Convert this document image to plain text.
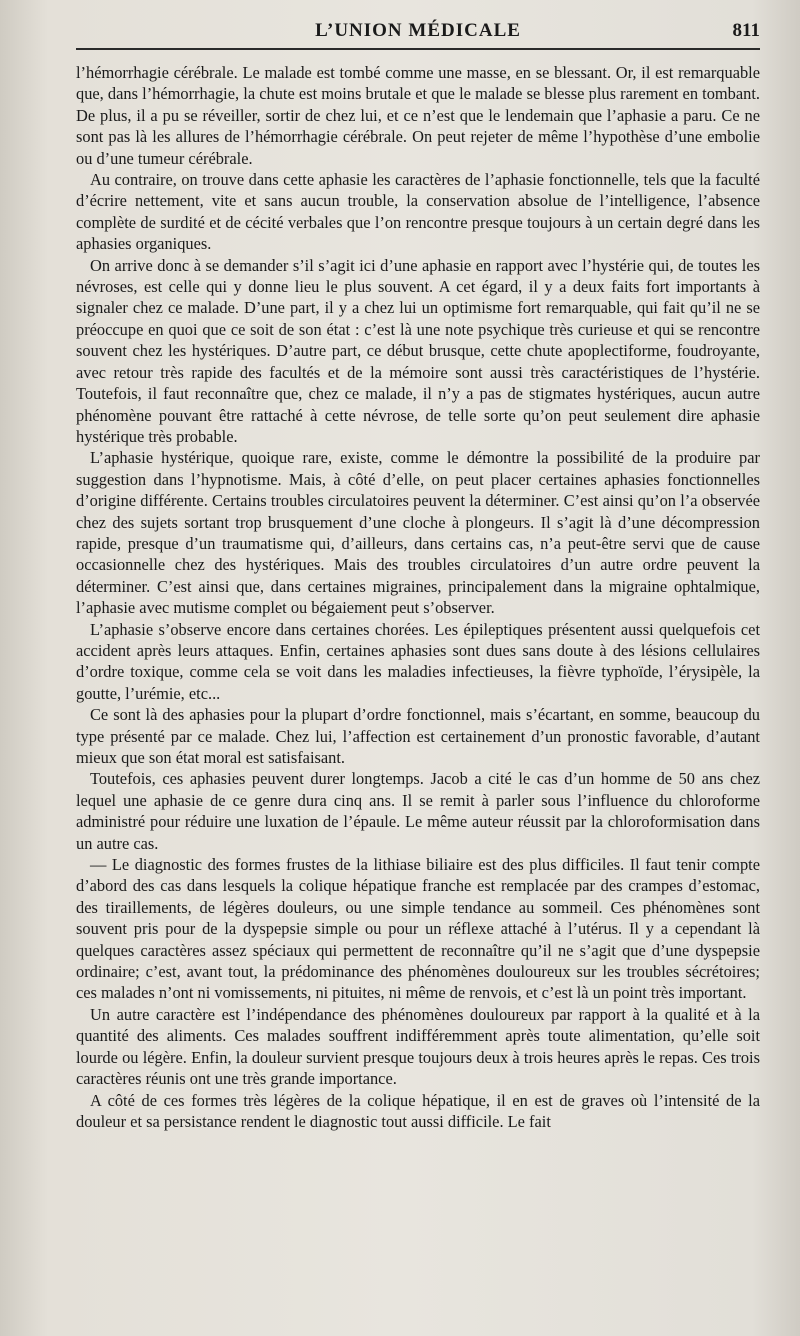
L’UNION MÉDICALE	811

l’hémorrhagie cérébrale. Le malade est tombé comme une masse, en se blessant. Or, il est remarquable que, dans l’hémorrhagie, la chute est moins brutale et que le malade se blesse plus rarement en tombant. De plus, il a pu se réveiller, sortir de chez lui, et ce n’est que le lendemain que l’aphasie a paru. Ce ne sont pas là les allures de l’hémorrhagie cérébrale. On peut rejeter de même l’hypothèse d’une embolie ou d’une tumeur cérébrale.

Au contraire, on trouve dans cette aphasie les caractères de l’aphasie fonctionnelle, tels que la faculté d’écrire nettement, vite et sans aucun trouble, la conservation absolue de l’intelligence, l’absence complète de surdité et de cécité verbales que l’on rencontre presque toujours à un certain degré dans les aphasies organiques.

On arrive donc à se demander s’il s’agit ici d’une aphasie en rapport avec l’hystérie qui, de toutes les névroses, est celle qui y donne lieu le plus souvent. A cet égard, il y a deux faits fort importants à signaler chez ce malade. D’une part, il y a chez lui un optimisme fort remarquable, qui fait qu’il ne se préoccupe en quoi que ce soit de son état : c’est là une note psychique très curieuse et qui se rencontre souvent chez les hystériques. D’autre part, ce début brusque, cette chute apoplectiforme, foudroyante, avec retour très rapide des facultés et de la mémoire sont aussi très caractéristiques de l’hystérie. Toutefois, il faut reconnaître que, chez ce malade, il n’y a pas de stigmates hystériques, aucun autre phénomène pouvant être rattaché à cette névrose, de telle sorte qu’on peut seulement dire aphasie hystérique très probable.

L’aphasie hystérique, quoique rare, existe, comme le démontre la possibilité de la produire par suggestion dans l’hypnotisme. Mais, à côté d’elle, on peut placer certaines aphasies fonctionnelles d’origine différente. Certains troubles circulatoires peuvent la déterminer. C’est ainsi qu’on l’a observée chez des sujets sortant trop brusquement d’une cloche à plongeurs. Il s’agit là d’une décompression rapide, presque d’un traumatisme qui, d’ailleurs, dans certains cas, n’a peut-être servi que de cause occasionnelle chez des hystériques. Mais des troubles circulatoires d’un autre ordre peuvent la déterminer. C’est ainsi que, dans certaines migraines, principalement dans la migraine ophtalmique, l’aphasie avec mutisme complet ou bégaiement peut s’observer.

L’aphasie s’observe encore dans certaines chorées. Les épileptiques présentent aussi quelquefois cet accident après leurs attaques. Enfin, certaines aphasies sont dues sans doute à des lésions cellulaires d’ordre toxique, comme cela se voit dans les maladies infectieuses, la fièvre typhoïde, l’érysipèle, la goutte, l’urémie, etc...

Ce sont là des aphasies pour la plupart d’ordre fonctionnel, mais s’écartant, en somme, beaucoup du type présenté par ce malade. Chez lui, l’affection est certainement d’un pronostic favorable, d’autant mieux que son état moral est satisfaisant.

Toutefois, ces aphasies peuvent durer longtemps. Jacob a cité le cas d’un homme de 50 ans chez lequel une aphasie de ce genre dura cinq ans. Il se remit à parler sous l’influence du chloroforme administré pour réduire une luxation de l’épaule. Le même auteur réussit par la chloroformisation dans un autre cas.

— Le diagnostic des formes frustes de la lithiase biliaire est des plus difficiles. Il faut tenir compte d’abord des cas dans lesquels la colique hépatique franche est remplacée par des crampes d’estomac, des tiraillements, de légères douleurs, ou une simple tendance au sommeil. Ces phénomènes sont souvent pris pour de la dyspepsie simple ou pour un réflexe attaché à l’utérus. Il y a cependant là quelques caractères assez spéciaux qui permettent de reconnaître qu’il ne s’agit que d’une dyspepsie ordinaire; c’est, avant tout, la prédominance des phénomènes douloureux sur les troubles sécrétoires; ces malades n’ont ni vomissements, ni pituites, ni même de renvois, et c’est là un point très important.

Un autre caractère est l’indépendance des phénomènes douloureux par rapport à la qualité et à la quantité des aliments. Ces malades souffrent indifféremment après toute alimentation, qu’elle soit lourde ou légère. Enfin, la douleur survient presque toujours deux à trois heures après le repas. Ces trois caractères réunis ont une très grande importance.

A côté de ces formes très légères de la colique hépatique, il en est de graves où l’intensité de la douleur et sa persistance rendent le diagnostic tout aussi difficile. Le fait
